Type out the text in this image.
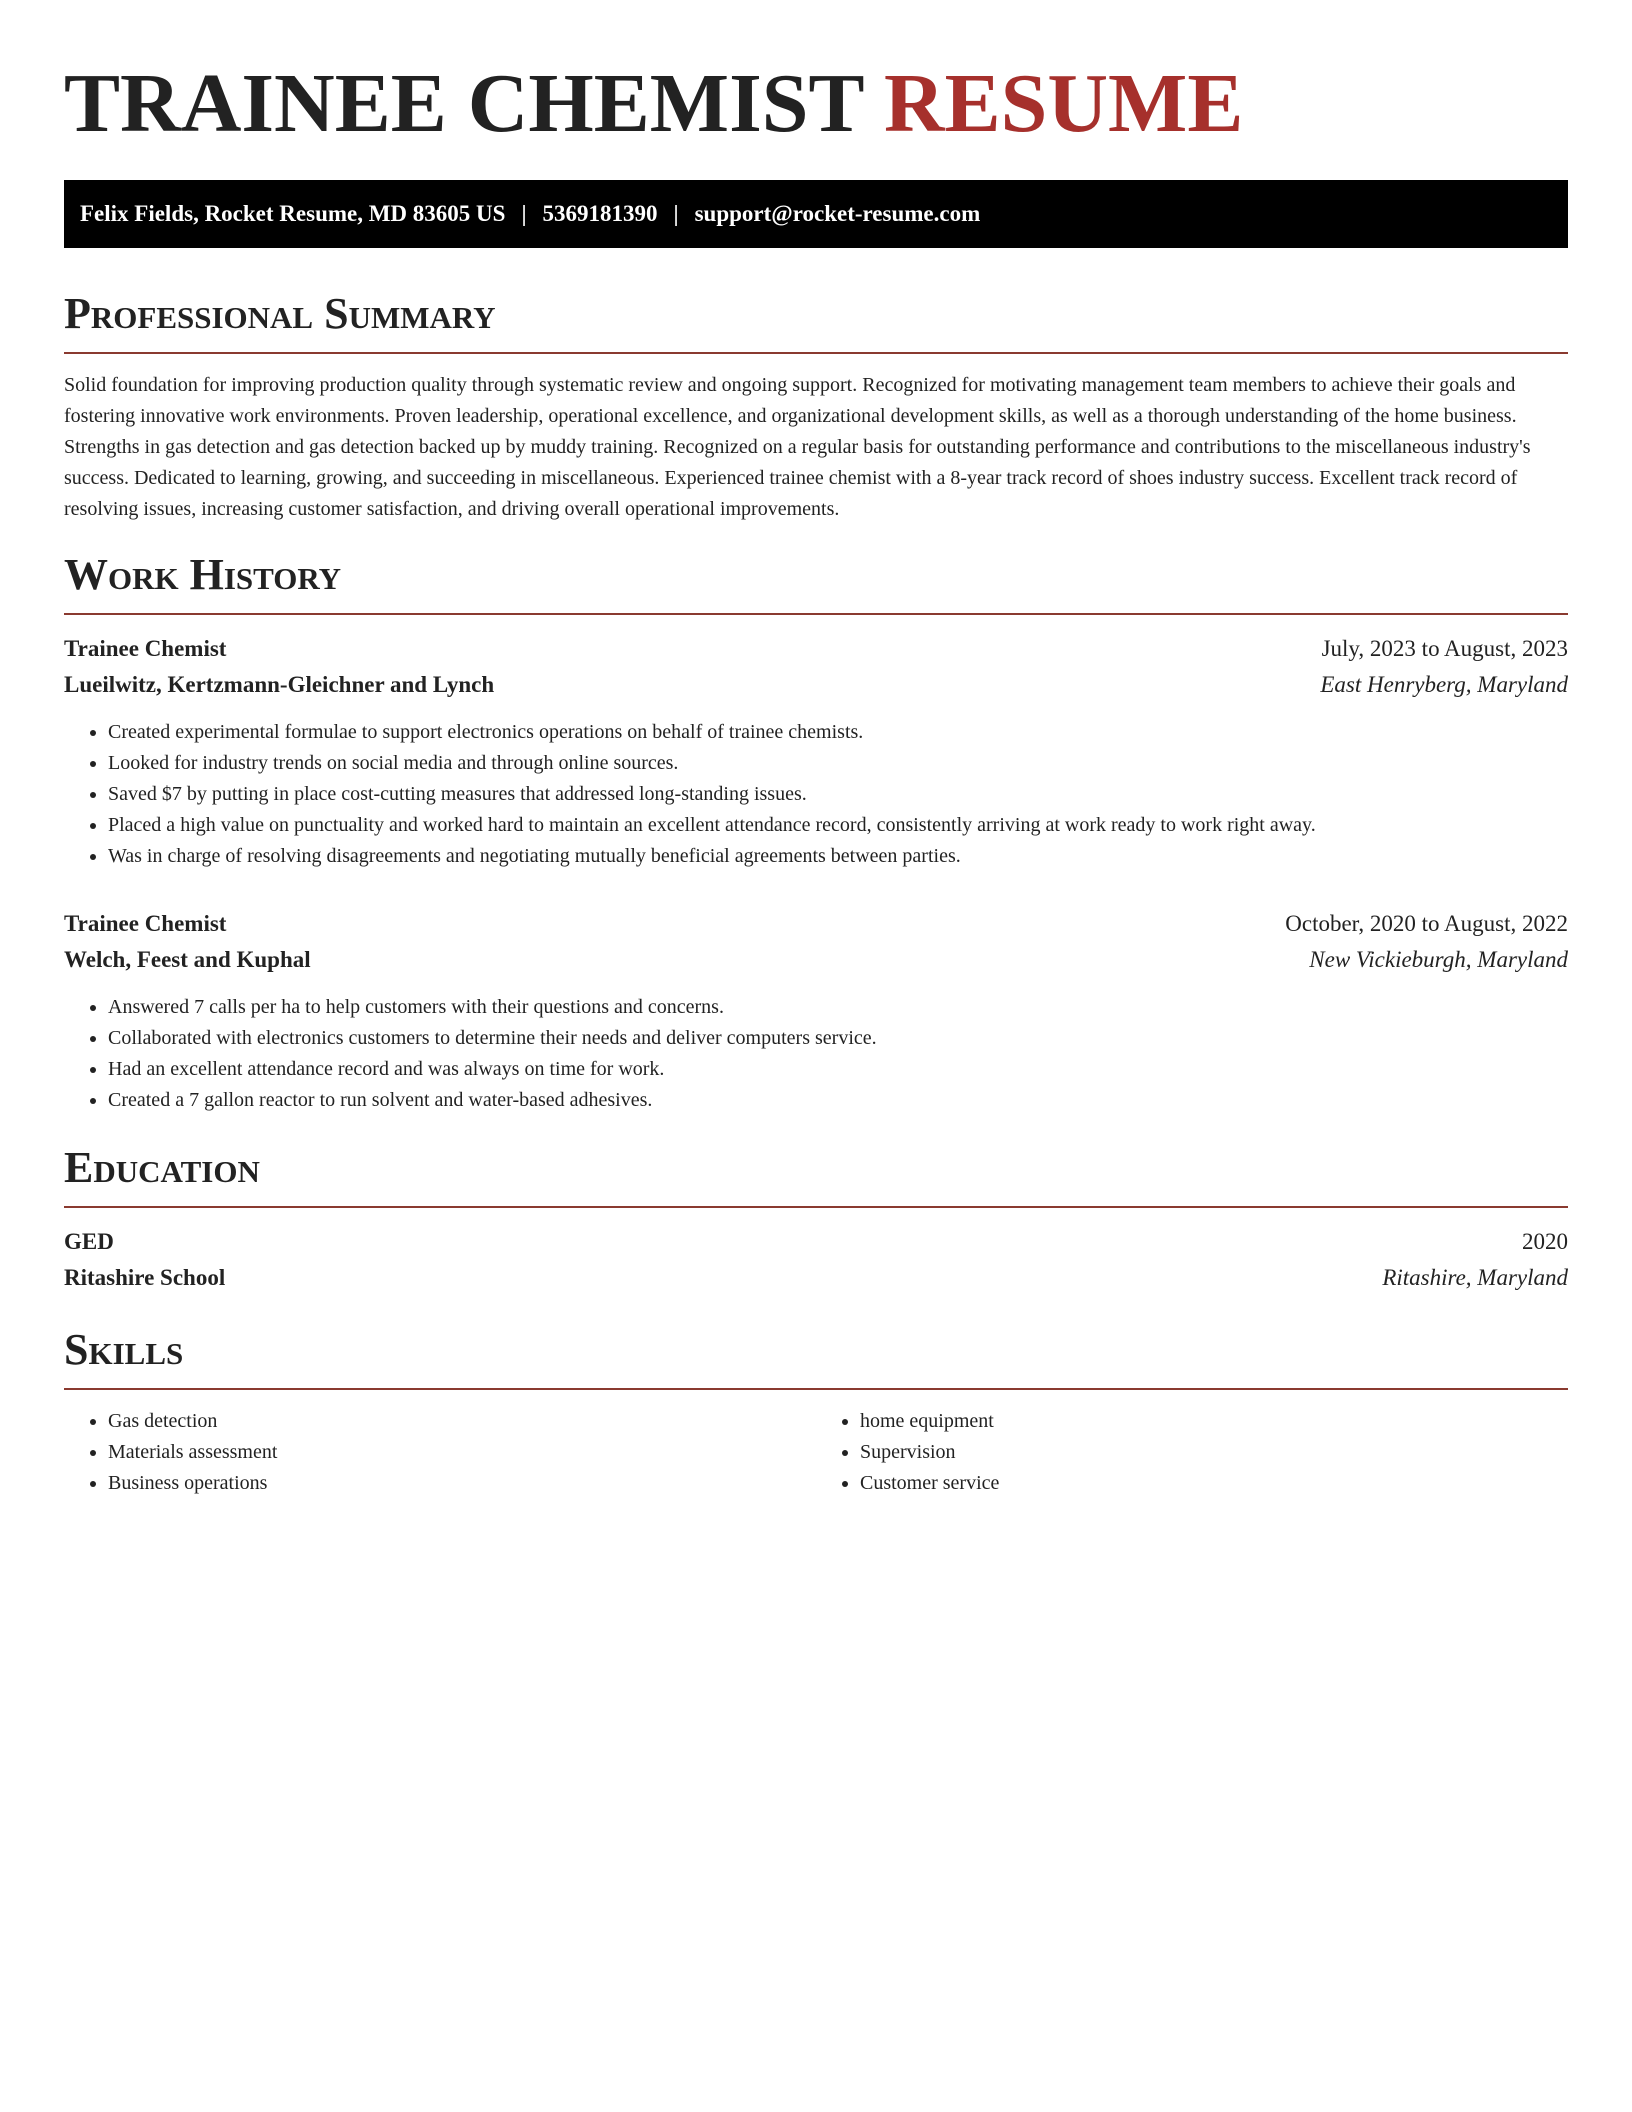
TRAINEE CHEMIST RESUME
Felix Fields, Rocket Resume, MD 83605 US | 5369181390 | support@rocket-resume.com
Professional Summary

Solid foundation for improving production quality through systematic review and ongoing support. Recognized for motivating management team members to achieve their goals and fostering innovative work environments. Proven leadership, operational excellence, and organizational development skills, as well as a thorough understanding of the home business. Strengths in gas detection and gas detection backed up by muddy training. Recognized on a regular basis for outstanding performance and contributions to the miscellaneous industry's success. Dedicated to learning, growing, and succeeding in miscellaneous. Experienced trainee chemist with a 8-year track record of shoes industry success. Excellent track record of resolving issues, increasing customer satisfaction, and driving overall operational improvements.

Work History
Trainee Chemist	July, 2023 to August, 2023
Lueilwitz, Kertzmann-Gleichner and Lynch	East Henryberg, Maryland
• Created experimental formulae to support electronics operations on behalf of trainee chemists.
• Looked for industry trends on social media and through online sources.
• Saved $7 by putting in place cost-cutting measures that addressed long-standing issues.
• Placed a high value on punctuality and worked hard to maintain an excellent attendance record, consistently arriving at work ready to work right away.
• Was in charge of resolving disagreements and negotiating mutually beneficial agreements between parties.
Trainee Chemist	October, 2020 to August, 2022
Welch, Feest and Kuphal	New Vickieburgh, Maryland
• Answered 7 calls per ha to help customers with their questions and concerns.
• Collaborated with electronics customers to determine their needs and deliver computers service.
• Had an excellent attendance record and was always on time for work.
• Created a 7 gallon reactor to run solvent and water-based adhesives.
Education
GED	2020
Ritashire School	Ritashire, Maryland
Skills
• Gas detection
• Materials assessment
• Business operations
• home equipment
• Supervision
• Customer service
